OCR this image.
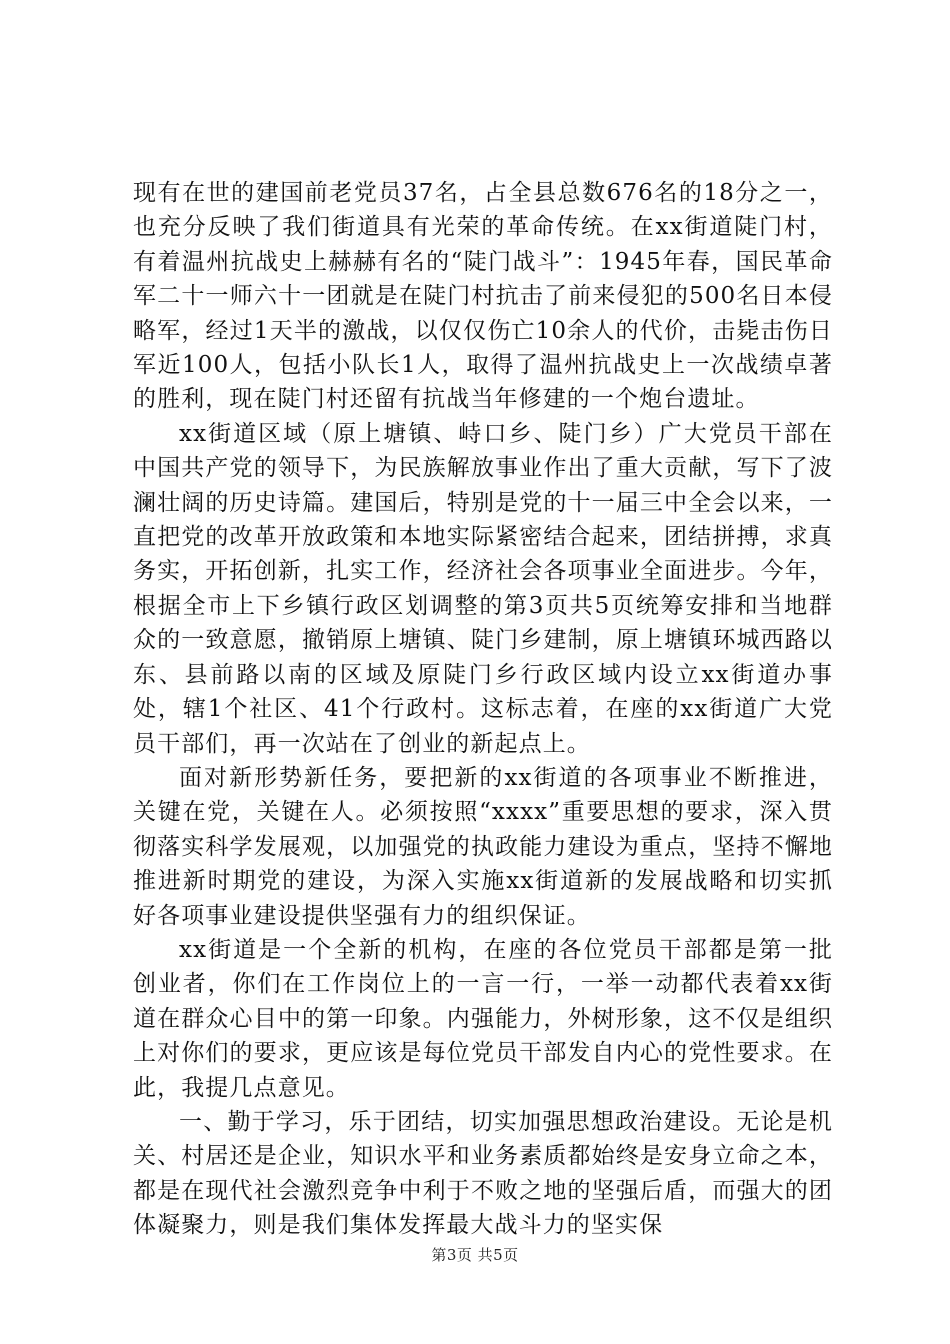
现有在世的建国前老党员37名，占全县总数676名的18分之一，也充分反映了我们街道具有光荣的革命传统。在xx街道陡门村，有着温州抗战史上赫赫有名的“陡门战斗”：1945年春，国民革命军二十一师六十一团就是在陡门村抗击了前来侵犯的500名日本侵略军，经过1天半的激战，以仅仅伤亡10余人的代价，击毙击伤日军近100人，包括小队长1人，取得了温州抗战史上一次战绩卓著的胜利，现在陡门村还留有抗战当年修建的一个炮台遗址。

xx街道区域（原上塘镇、峙口乡、陡门乡）广大党员干部在中国共产党的领导下，为民族解放事业作出了重大贡献，写下了波澜壮阔的历史诗篇。建国后，特别是党的十一届三中全会以来，一直把党的改革开放政策和本地实际紧密结合起来，团结拼搏，求真务实，开拓创新，扎实工作，经济社会各项事业全面进步。今年，根据全市上下乡镇行政区划调整的第3页共5页统筹安排和当地群众的一致意愿，撤销原上塘镇、陡门乡建制，原上塘镇环城西路以东、县前路以南的区域及原陡门乡行政区域内设立xx街道办事处，辖1个社区、41个行政村。这标志着，在座的xx街道广大党员干部们，再一次站在了创业的新起点上。

面对新形势新任务，要把新的xx街道的各项事业不断推进，关键在党，关键在人。必须按照“xxxx”重要思想的要求，深入贯彻落实科学发展观，以加强党的执政能力建设为重点，坚持不懈地推进新时期党的建设，为深入实施xx街道新的发展战略和切实抓好各项事业建设提供坚强有力的组织保证。

xx街道是一个全新的机构，在座的各位党员干部都是第一批创业者，你们在工作岗位上的一言一行，一举一动都代表着xx街道在群众心目中的第一印象。内强能力，外树形象，这不仅是组织上对你们的要求，更应该是每位党员干部发自内心的党性要求。在此，我提几点意见。

一、勤于学习，乐于团结，切实加强思想政治建设。无论是机关、村居还是企业，知识水平和业务素质都始终是安身立命之本，都是在现代社会激烈竞争中利于不败之地的坚强后盾，而强大的团体凝聚力，则是我们集体发挥最大战斗力的坚实保

第3页 共5页
